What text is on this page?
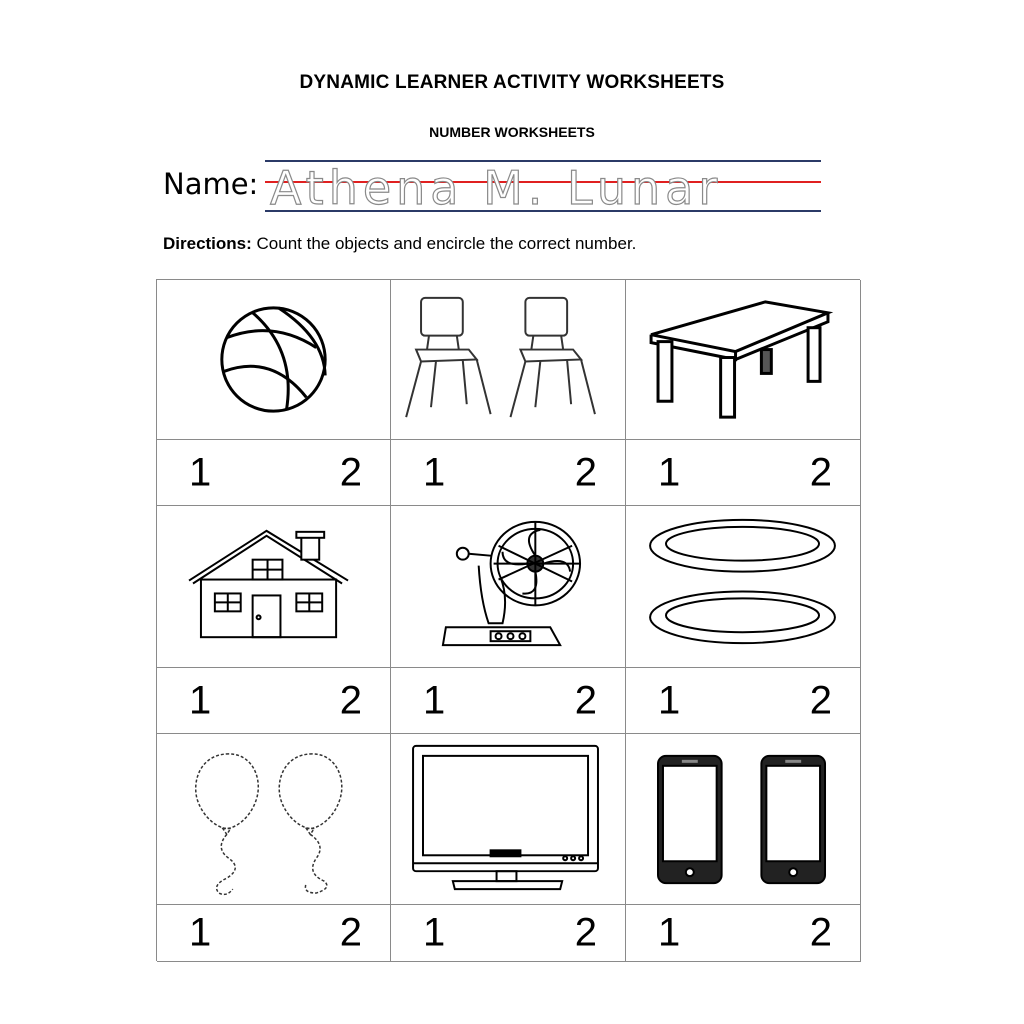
DYNAMIC LEARNER ACTIVITY WORKSHEETS
NUMBER WORKSHEETS
Name: Athena M. Lunar
Directions: Count the objects and encircle the correct number.
1	2 1	2 1	2
1	2 1	2 1	2
1	2 1	2 1	2
